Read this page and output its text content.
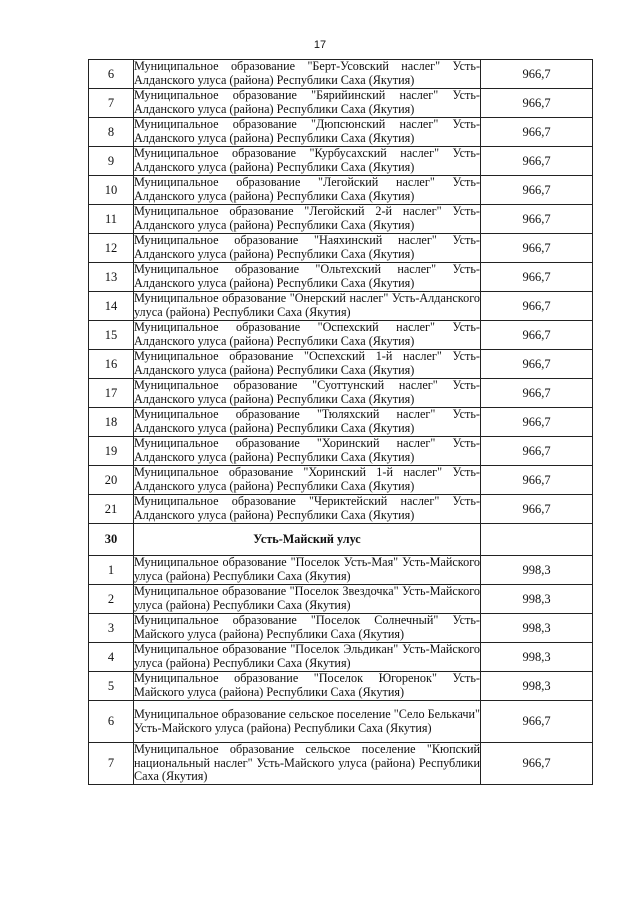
17
6	Муниципальное образование "Берт-Усовский наслег" Усть-Алданского улуса (района) Республики Саха (Якутия)	966,7
7	Муниципальное образование "Бярийинский наслег" Усть-Алданского улуса (района) Республики Саха (Якутия)	966,7
8	Муниципальное образование "Дюпсюнский наслег" Усть-Алданского улуса (района) Республики Саха (Якутия)	966,7
9	Муниципальное образование "Курбусахский наслег" Усть-Алданского улуса (района) Республики Саха (Якутия)	966,7
10	Муниципальное образование "Легойский наслег" Усть-Алданского улуса (района) Республики Саха (Якутия)	966,7
11	Муниципальное образование "Легойский 2-й наслег" Усть-Алданского улуса (района) Республики Саха (Якутия)	966,7
12	Муниципальное образование "Наяхинский наслег" Усть-Алданского улуса (района) Республики Саха (Якутия)	966,7
13	Муниципальное образование "Ольтехский наслег" Усть-Алданского улуса (района) Республики Саха (Якутия)	966,7
14	Муниципальное образование "Онерский наслег" Усть-Алданского улуса (района) Республики Саха (Якутия)	966,7
15	Муниципальное образование "Оспехский наслег" Усть-Алданского улуса (района) Республики Саха (Якутия)	966,7
16	Муниципальное образование "Оспехский 1-й наслег" Усть-Алданского улуса (района) Республики Саха (Якутия)	966,7
17	Муниципальное образование "Суоттунский наслег" Усть-Алданского улуса (района) Республики Саха (Якутия)	966,7
18	Муниципальное образование "Тюляхский наслег" Усть-Алданского улуса (района) Республики Саха (Якутия)	966,7
19	Муниципальное образование "Хоринский наслег" Усть-Алданского улуса (района) Республики Саха (Якутия)	966,7
20	Муниципальное образование "Хоринский 1-й наслег" Усть-Алданского улуса (района) Республики Саха (Якутия)	966,7
21	Муниципальное образование "Чериктейский наслег" Усть-Алданского улуса (района) Республики Саха (Якутия)	966,7
30	Усть-Майский улус	
1	Муниципальное образование "Поселок Усть-Мая" Усть-Майского улуса (района) Республики Саха (Якутия)	998,3
2	Муниципальное образование "Поселок Звездочка" Усть-Майского улуса (района) Республики Саха (Якутия)	998,3
3	Муниципальное образование "Поселок Солнечный" Усть-Майского улуса (района) Республики Саха (Якутия)	998,3
4	Муниципальное образование "Поселок Эльдикан" Усть-Майского улуса (района) Республики Саха (Якутия)	998,3
5	Муниципальное образование "Поселок Югоренок" Усть-Майского улуса (района) Республики Саха (Якутия)	998,3
6	Муниципальное образование сельское поселение "Село Белькачи" Усть-Майского улуса (района) Республики Саха (Якутия)	966,7
7	Муниципальное образование сельское поселение "Кюпский национальный наслег" Усть-Майского улуса (района) Республики Саха (Якутия)	966,7
